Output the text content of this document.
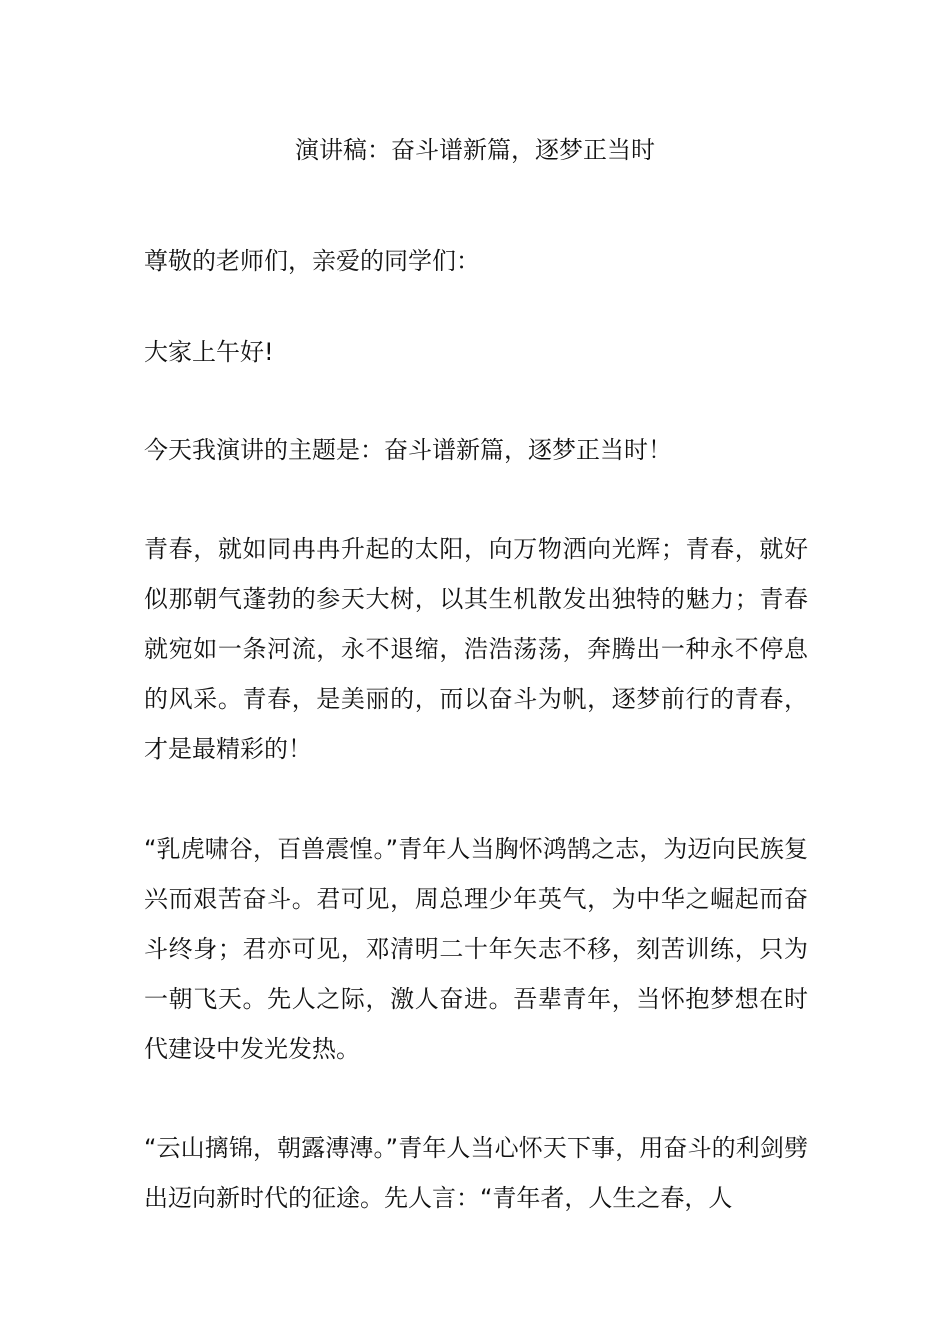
演讲稿：奋斗谱新篇，逐梦正当时

尊敬的老师们，亲爱的同学们：

大家上午好!

今天我演讲的主题是：奋斗谱新篇，逐梦正当时！

青春，就如同冉冉升起的太阳，向万物洒向光辉；青春，就好似那朝气蓬勃的参天大树，以其生机散发出独特的魅力；青春就宛如一条河流，永不退缩，浩浩荡荡，奔腾出一种永不停息的风采。青春，是美丽的，而以奋斗为帆，逐梦前行的青春，才是最精彩的！

“乳虎啸谷，百兽震惶。”青年人当胸怀鸿鹄之志，为迈向民族复兴而艰苦奋斗。君可见，周总理少年英气，为中华之崛起而奋斗终身；君亦可见，邓清明二十年矢志不移，刻苦训练，只为一朝飞天。先人之际，激人奋进。吾辈青年，当怀抱梦想在时代建设中发光发热。

“云山摛锦，朝露漙漙。”青年人当心怀天下事，用奋斗的利剑劈出迈向新时代的征途。先人言：“青年者，人生之春，人
